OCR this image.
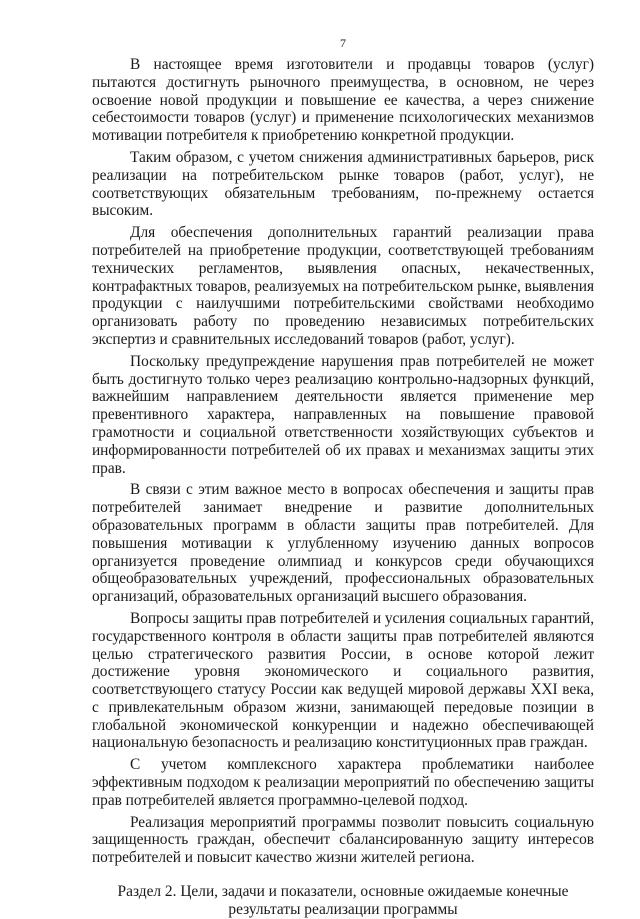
7

В настоящее время изготовители и продавцы товаров (услуг) пытаются достигнуть рыночного преимущества, в основном, не через освоение новой продукции и повышение ее качества, а через снижение себестоимости товаров (услуг) и применение психологических механизмов мотивации потребителя к приобретению конкретной продукции.

Таким образом, с учетом снижения административных барьеров, риск реализации на потребительском рынке товаров (работ, услуг), не соответствующих обязательным требованиям, по-прежнему остается высоким.

Для обеспечения дополнительных гарантий реализации права потребителей на приобретение продукции, соответствующей требованиям технических регламентов, выявления опасных, некачественных, контрафактных товаров, реализуемых на потребительском рынке, выявления продукции с наилучшими потребительскими свойствами необходимо организовать работу по проведению независимых потребительских экспертиз и сравнительных исследований товаров (работ, услуг).

Поскольку предупреждение нарушения прав потребителей не может быть достигнуто только через реализацию контрольно-надзорных функций, важнейшим направлением деятельности является применение мер превентивного характера, направленных на повышение правовой грамотности и социальной ответственности хозяйствующих субъектов и информированности потребителей об их правах и механизмах защиты этих прав.

В связи с этим важное место в вопросах обеспечения и защиты прав потребителей занимает внедрение и развитие дополнительных образовательных программ в области защиты прав потребителей. Для повышения мотивации к углубленному изучению данных вопросов организуется проведение олимпиад и конкурсов среди обучающихся общеобразовательных учреждений, профессиональных образовательных организаций, образовательных организаций высшего образования.

Вопросы защиты прав потребителей и усиления социальных гарантий, государственного контроля в области защиты прав потребителей являются целью стратегического развития России, в основе которой лежит достижение уровня экономического и социального развития, соответствующего статусу России как ведущей мировой державы XXI века, с привлекательным образом жизни, занимающей передовые позиции в глобальной экономической конкуренции и надежно обеспечивающей национальную безопасность и реализацию конституционных прав граждан.

С учетом комплексного характера проблематики наиболее эффективным подходом к реализации мероприятий по обеспечению защиты прав потребителей является программно-целевой подход.

Реализация мероприятий программы позволит повысить социальную защищенность граждан, обеспечит сбалансированную защиту интересов потребителей и повысит качество жизни жителей региона.

Раздел 2. Цели, задачи и показатели, основные ожидаемые конечные результаты реализации программы
